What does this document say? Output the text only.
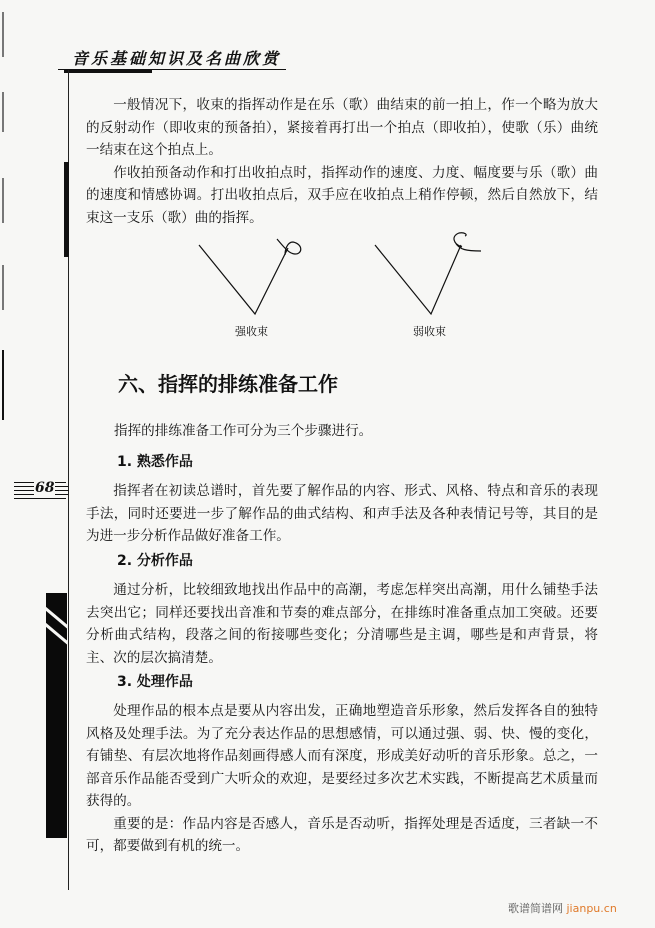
音乐基础知识及名曲欣赏
68

一般情况下，收束的指挥动作是在乐（歌）曲结束的前一拍上，作一个略为放大的反射动作（即收束的预备拍），紧接着再打出一个拍点（即收拍），使歌（乐）曲统一结束在这个拍点上。

作收拍预备动作和打出收拍点时，指挥动作的速度、力度、幅度要与乐（歌）曲的速度和情感协调。打出收拍点后，双手应在收拍点上稍作停顿，然后自然放下，结束这一支乐（歌）曲的指挥。

强收束	弱收束
六、指挥的排练准备工作

指挥的排练准备工作可分为三个步骤进行。

1. 熟悉作品

指挥者在初读总谱时，首先要了解作品的内容、形式、风格、特点和音乐的表现手法，同时还要进一步了解作品的曲式结构、和声手法及各种表情记号等，其目的是为进一步分析作品做好准备工作。

2. 分析作品

通过分析，比较细致地找出作品中的高潮，考虑怎样突出高潮，用什么铺垫手法去突出它；同样还要找出音准和节奏的难点部分，在排练时准备重点加工突破。还要分析曲式结构，段落之间的衔接哪些变化；分清哪些是主调，哪些是和声背景，将主、次的层次搞清楚。

3. 处理作品

处理作品的根本点是要从内容出发，正确地塑造音乐形象，然后发挥各自的独特风格及处理手法。为了充分表达作品的思想感情，可以通过强、弱、快、慢的变化，有铺垫、有层次地将作品刻画得感人而有深度，形成美好动听的音乐形象。总之，一部音乐作品能否受到广大听众的欢迎，是要经过多次艺术实践，不断提高艺术质量而获得的。

重要的是：作品内容是否感人，音乐是否动听，指挥处理是否适度，三者缺一不可，都要做到有机的统一。

歌谱简谱网 jianpu.cn
